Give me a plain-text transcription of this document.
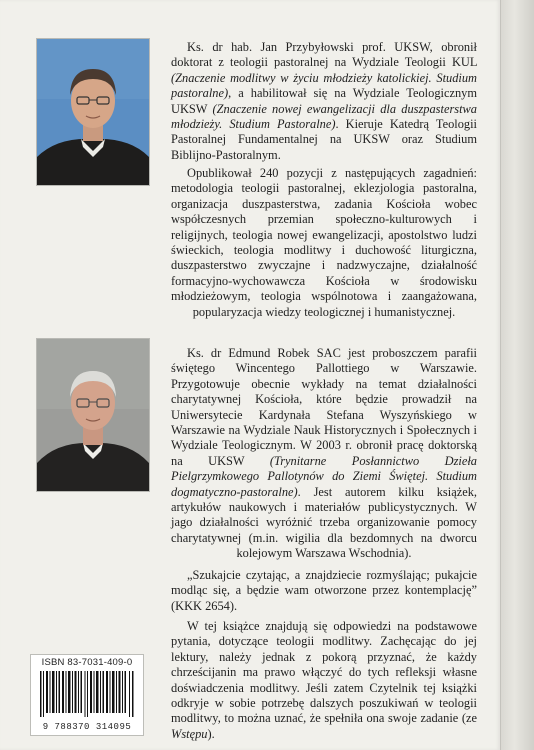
Ks. dr hab. Jan Przybyłowski prof. UKSW, obronił doktorat z teologii pastoralnej na Wydziale Teologii KUL (Znaczenie modlitwy w życiu młodzieży katolickiej. Studium pastoralne), a habilitował się na Wydziale Teologicznym UKSW (Znaczenie nowej ewangelizacji dla duszpasterstwa młodzieży. Studium Pastoralne). Kieruje Katedrą Teologii Pastoralnej Fundamentalnej na UKSW oraz Studium Biblijno-Pastoralnym.

Opublikował 240 pozycji z następujących zagadnień: metodologia teologii pastoralnej, eklezjologia pastoralna, organizacja duszpasterstwa, zadania Kościoła wobec współczesnych przemian społeczno-kulturowych i religijnych, teologia nowej ewangelizacji, apostolstwo ludzi świeckich, teologia modlitwy i duchowość liturgiczna, duszpasterstwo zwyczajne i nadzwyczajne, działalność formacyjno-wychowawcza Kościoła w środowisku młodzieżowym, teologia wspólnotowa i zaangażowana, popularyzacja wiedzy teologicznej i humanistycznej.

Ks. dr Edmund Robek SAC jest proboszczem parafii świętego Wincentego Pallottiego w Warszawie. Przygotowuje obecnie wykłady na temat działalności charytatywnej Kościoła, które będzie prowadził na Uniwersytecie Kardynała Stefana Wyszyńskiego w Warszawie na Wydziale Nauk Historycznych i Społecznych i Wydziale Teologicznym. W 2003 r. obronił pracę doktorską na UKSW (Trynitarne Posłannictwo Dzieła Pielgrzymkowego Pallotynów do Ziemi Świętej. Studium dogmatyczno-pastoralne). Jest autorem kilku książek, artykułów naukowych i materiałów publicystycznych. W jago działalności wyróżnić trzeba organizowanie pomocy charytatywnej (m.in. wigilia dla bezdomnych na dworcu kolejowym Warszawa Wschodnia).

„Szukajcie czytając, a znajdziecie rozmyślając; pukajcie modląc się, a będzie wam otworzone przez kontemplację” (KKK 2654).

W tej książce znajdują się odpowiedzi na podstawowe pytania, dotyczące teologii modlitwy. Zachęcając do jej lektury, należy jednak z pokorą przyznać, że każdy chrześcijanin ma prawo włączyć do tych refleksji własne doświadczenia modlitwy. Jeśli zatem Czytelnik tej książki odkryje w sobie potrzebę dalszych poszukiwań w teologii modlitwy, to można uznać, że spełniła ona swoje zadanie (ze Wstępu).

ISBN 83-7031-409-0
9 788370 314095
